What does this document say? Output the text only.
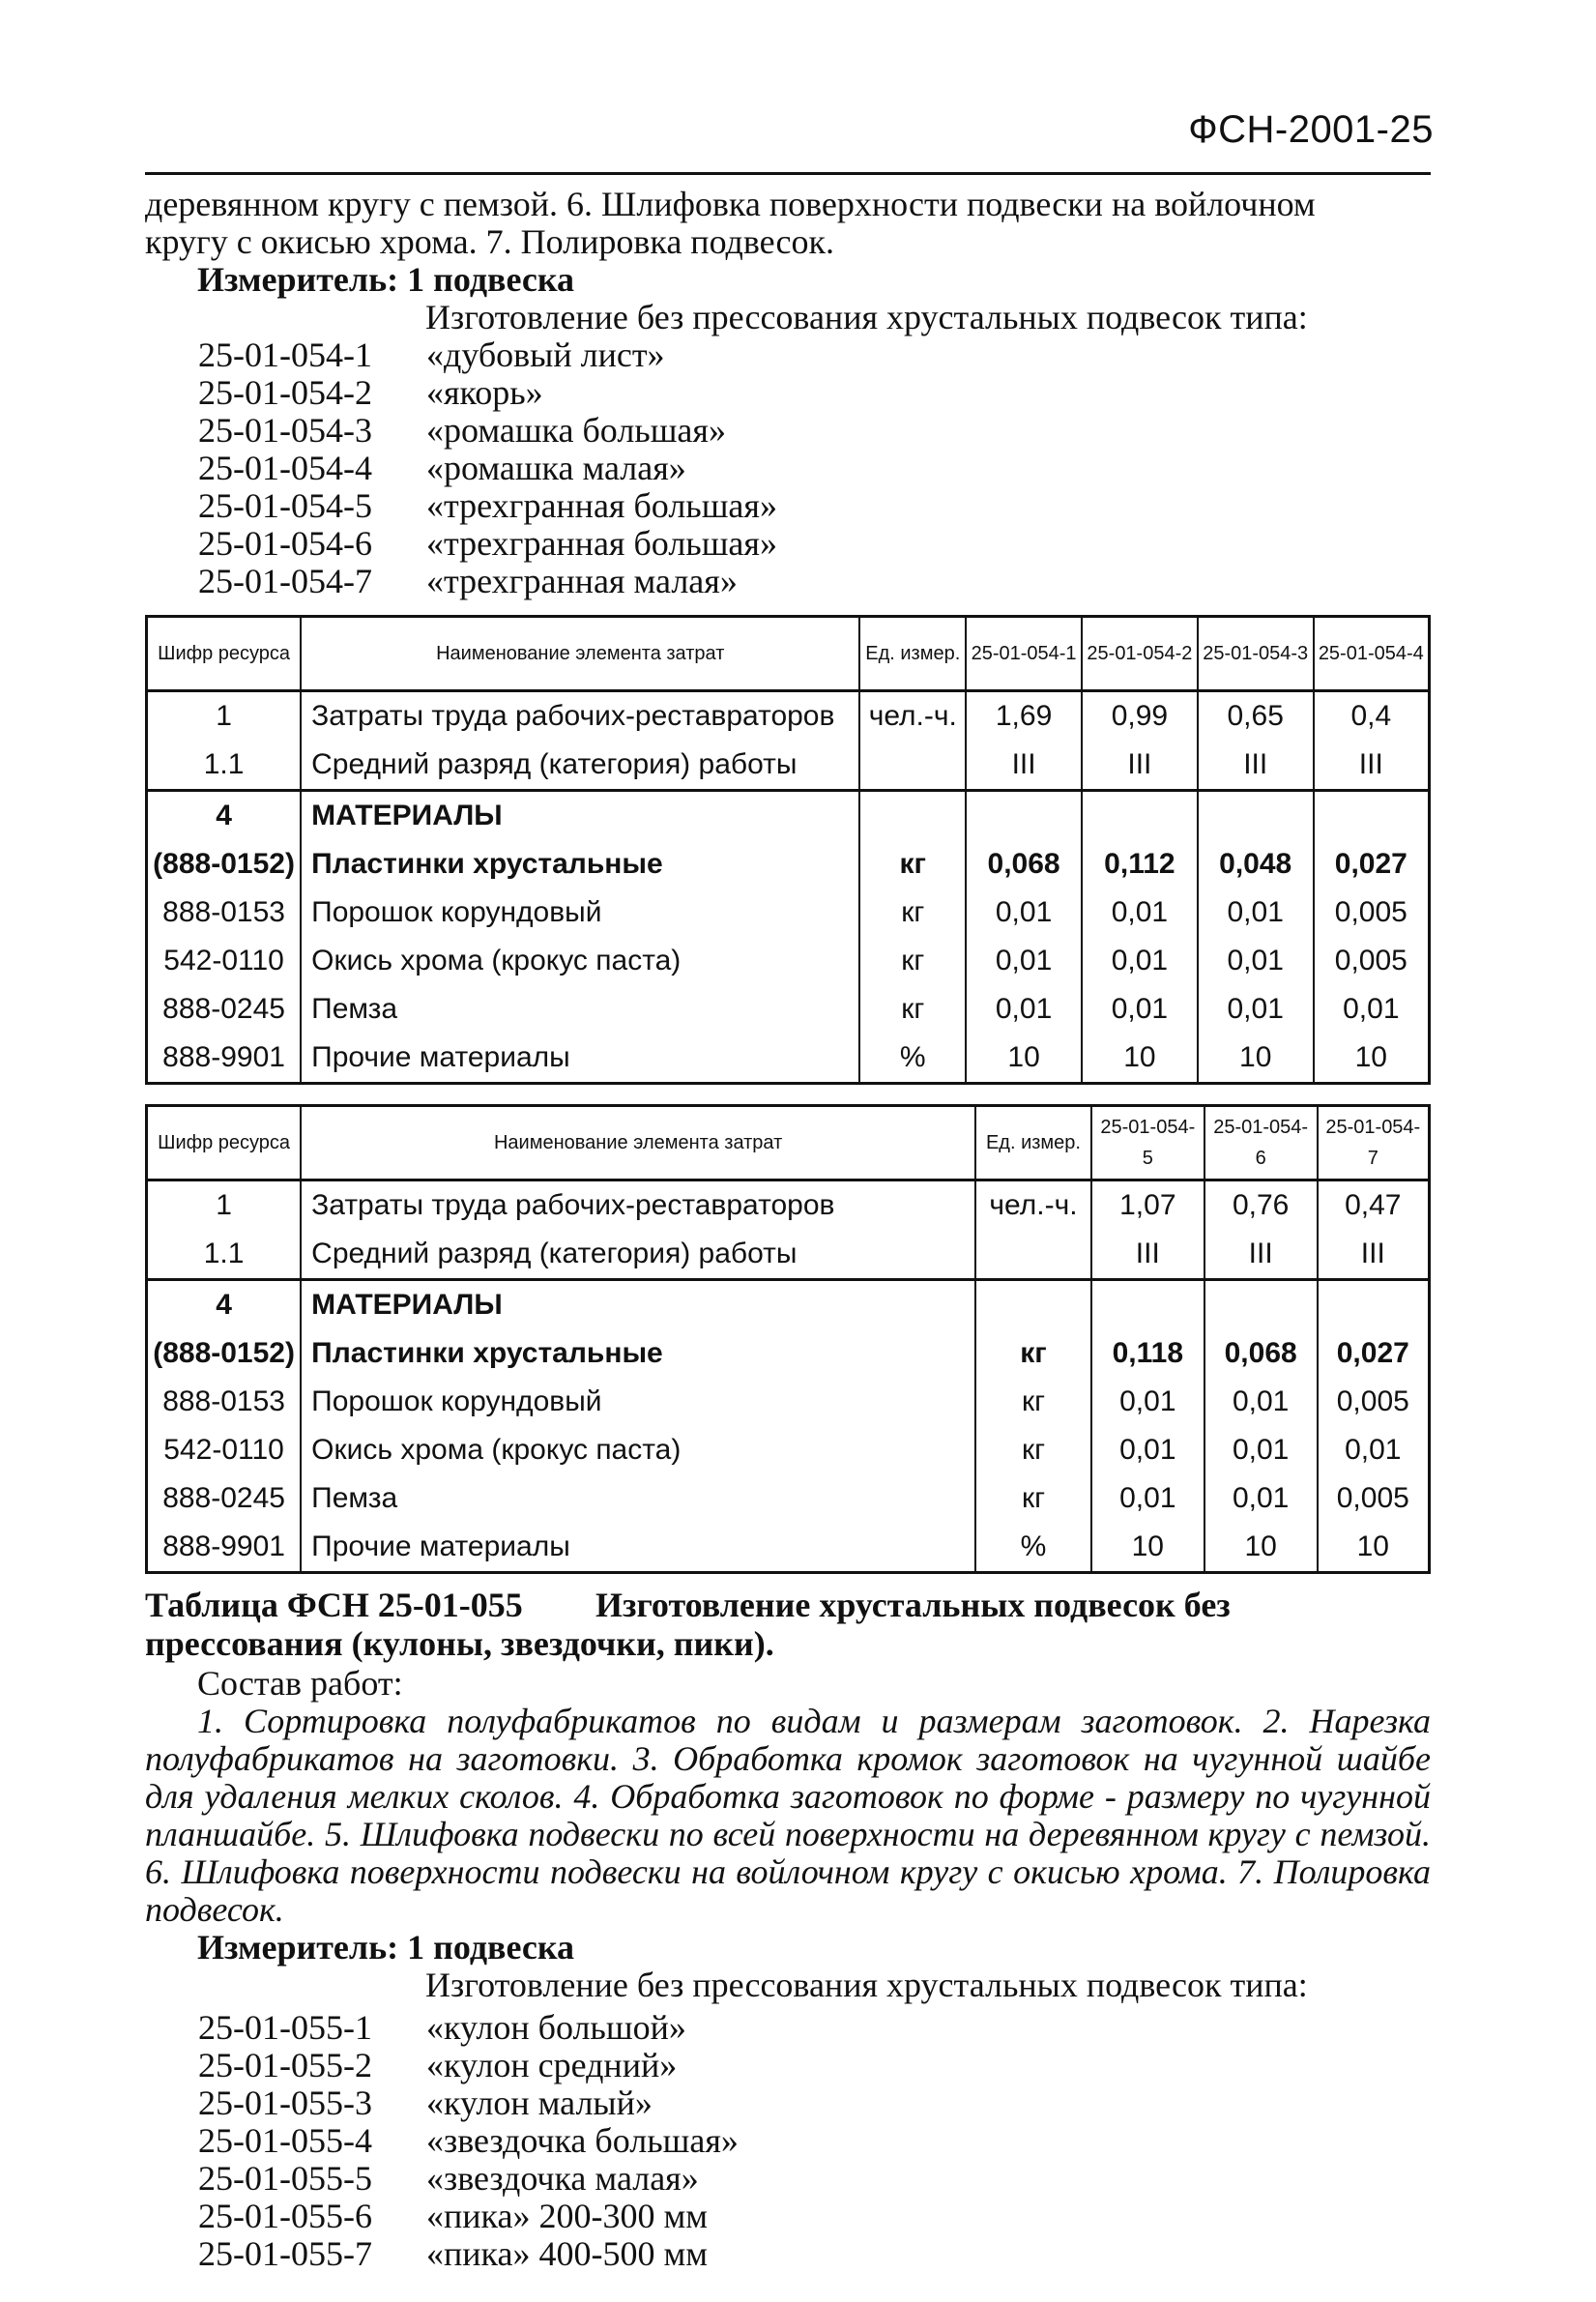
ФСН-2001-25

деревянном кругу с пемзой. 6. Шлифовка поверхности подвески на войлочном

кругу с окисью хрома. 7. Полировка подвесок.

Измеритель: 1 подвеска

Изготовление без прессования хрустальных подвесок типа:

25-01-054-1	«дубовый лист»
25-01-054-2	«якорь»
25-01-054-3	«ромашка большая»
25-01-054-4	«ромашка малая»
25-01-054-5	«трехгранная большая»
25-01-054-6	«трехгранная большая»
25-01-054-7	«трехгранная малая»
Шифр ресурса	Наименование элемента затрат	Ед. измер.	25-01-054-1	25-01-054-2	25-01-054-3	25-01-054-4
1	Затраты труда рабочих-реставраторов	чел.-ч.	1,69	0,99	0,65	0,4
1.1	Средний разряд (категория) работы		III	III	III	III
4	МАТЕРИАЛЫ					
(888-0152)	Пластинки хрустальные	кг	0,068	0,112	0,048	0,027
888-0153	Порошок корундовый	кг	0,01	0,01	0,01	0,005
542-0110	Окись хрома (крокус паста)	кг	0,01	0,01	0,01	0,005
888-0245	Пемза	кг	0,01	0,01	0,01	0,01
888-9901	Прочие материалы	%	10	10	10	10
Шифр ресурса	Наименование элемента затрат	Ед. измер.	25-01-054-5	25-01-054-6	25-01-054-7
1	Затраты труда рабочих-реставраторов	чел.-ч.	1,07	0,76	0,47
1.1	Средний разряд (категория) работы		III	III	III
4	МАТЕРИАЛЫ				
(888-0152)	Пластинки хрустальные	кг	0,118	0,068	0,027
888-0153	Порошок корундовый	кг	0,01	0,01	0,005
542-0110	Окись хрома (крокус паста)	кг	0,01	0,01	0,01
888-0245	Пемза	кг	0,01	0,01	0,005
888-9901	Прочие материалы	%	10	10	10
Таблица ФСН 25-01-055 Изготовление хрустальных подвесок без прессования (кулоны, звездочки, пики).

Состав работ:

1. Сортировка полуфабрикатов по видам и размерам заготовок. 2. Нарезка полуфабрикатов на заготовки. 3. Обработка кромок заготовок на чугунной шайбе для удаления мелких сколов. 4. Обработка заготовок по форме - размеру по чугунной планшайбе. 5. Шлифовка подвески по всей поверхности на деревянном кругу с пемзой. 6. Шлифовка поверхности подвески на войлочном кругу с окисью хрома. 7. Полировка подвесок.

Измеритель: 1 подвеска

Изготовление без прессования хрустальных подвесок типа:

25-01-055-1	«кулон большой»
25-01-055-2	«кулон средний»
25-01-055-3	«кулон малый»
25-01-055-4	«звездочка большая»
25-01-055-5	«звездочка малая»
25-01-055-6	«пика» 200-300 мм
25-01-055-7	«пика» 400-500 мм
